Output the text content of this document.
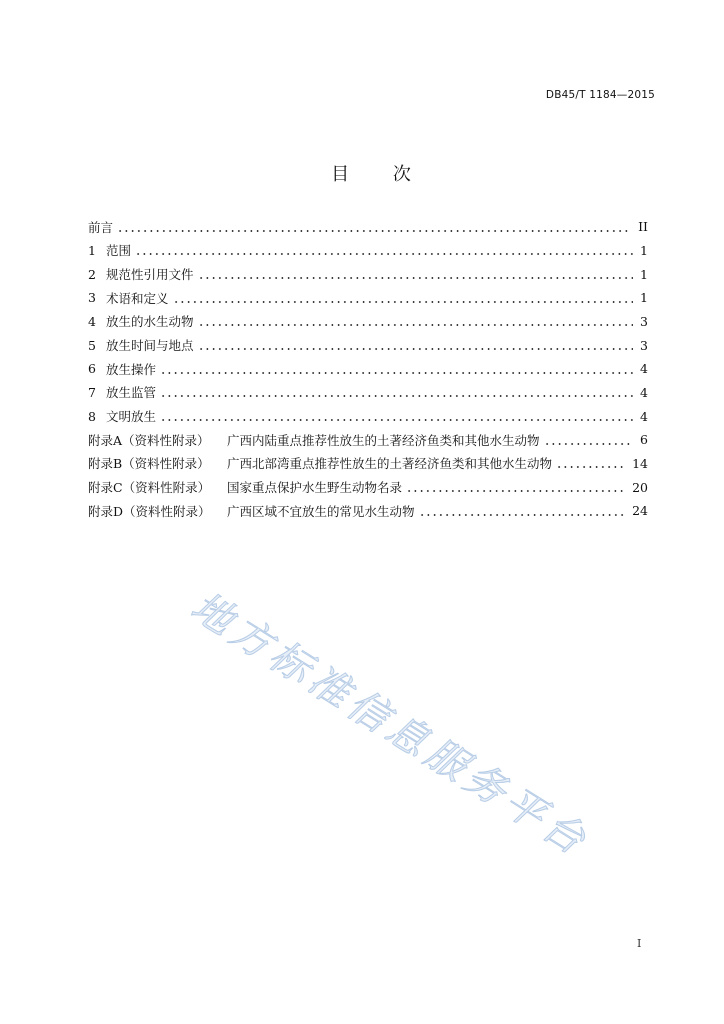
DB45/T 1184—2015
目 次
前言	II
1 范围	1
2 规范性引用文件	1
3 术语和定义	1
4 放生的水生动物	3
5 放生时间与地点	3
6 放生操作	4
7 放生监管	4
8 文明放生	4
附录A（资料性附录）	广西内陆重点推荐性放生的土著经济鱼类和其他水生动物	6
附录B（资料性附录）	广西北部湾重点推荐性放生的土著经济鱼类和其他水生动物	14
附录C（资料性附录）	国家重点保护水生野生动物名录	20
附录D（资料性附录）	广西区域不宜放生的常见水生动物	24
地方标准信息服务平台
I
